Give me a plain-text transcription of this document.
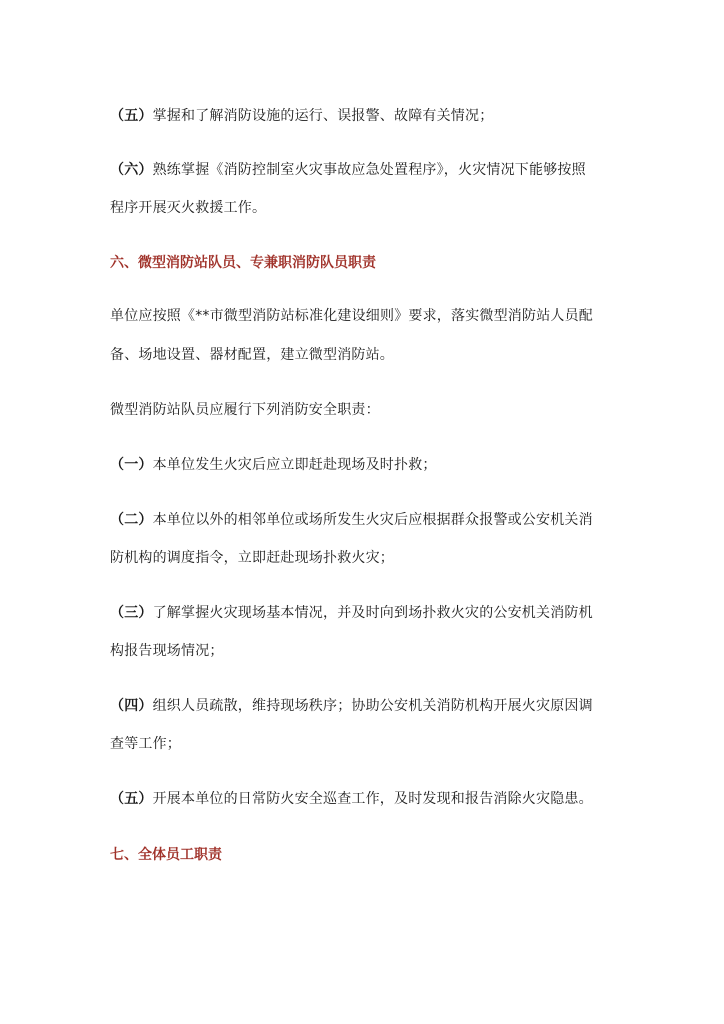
（五）掌握和了解消防设施的运行、误报警、故障有关情况；
（六）熟练掌握《消防控制室火灾事故应急处置程序》，火灾情况下能够按照
程序开展灭火救援工作。
六、微型消防站队员、专兼职消防队员职责
单位应按照《**市微型消防站标准化建设细则》要求，落实微型消防站人员配
备、场地设置、器材配置，建立微型消防站。
微型消防站队员应履行下列消防安全职责：
（一）本单位发生火灾后应立即赶赴现场及时扑救；
（二）本单位以外的相邻单位或场所发生火灾后应根据群众报警或公安机关消
防机构的调度指令，立即赶赴现场扑救火灾；
（三）了解掌握火灾现场基本情况，并及时向到场扑救火灾的公安机关消防机
构报告现场情况；
（四）组织人员疏散，维持现场秩序；协助公安机关消防机构开展火灾原因调
查等工作；
（五）开展本单位的日常防火安全巡查工作，及时发现和报告消除火灾隐患。
七、全体员工职责
